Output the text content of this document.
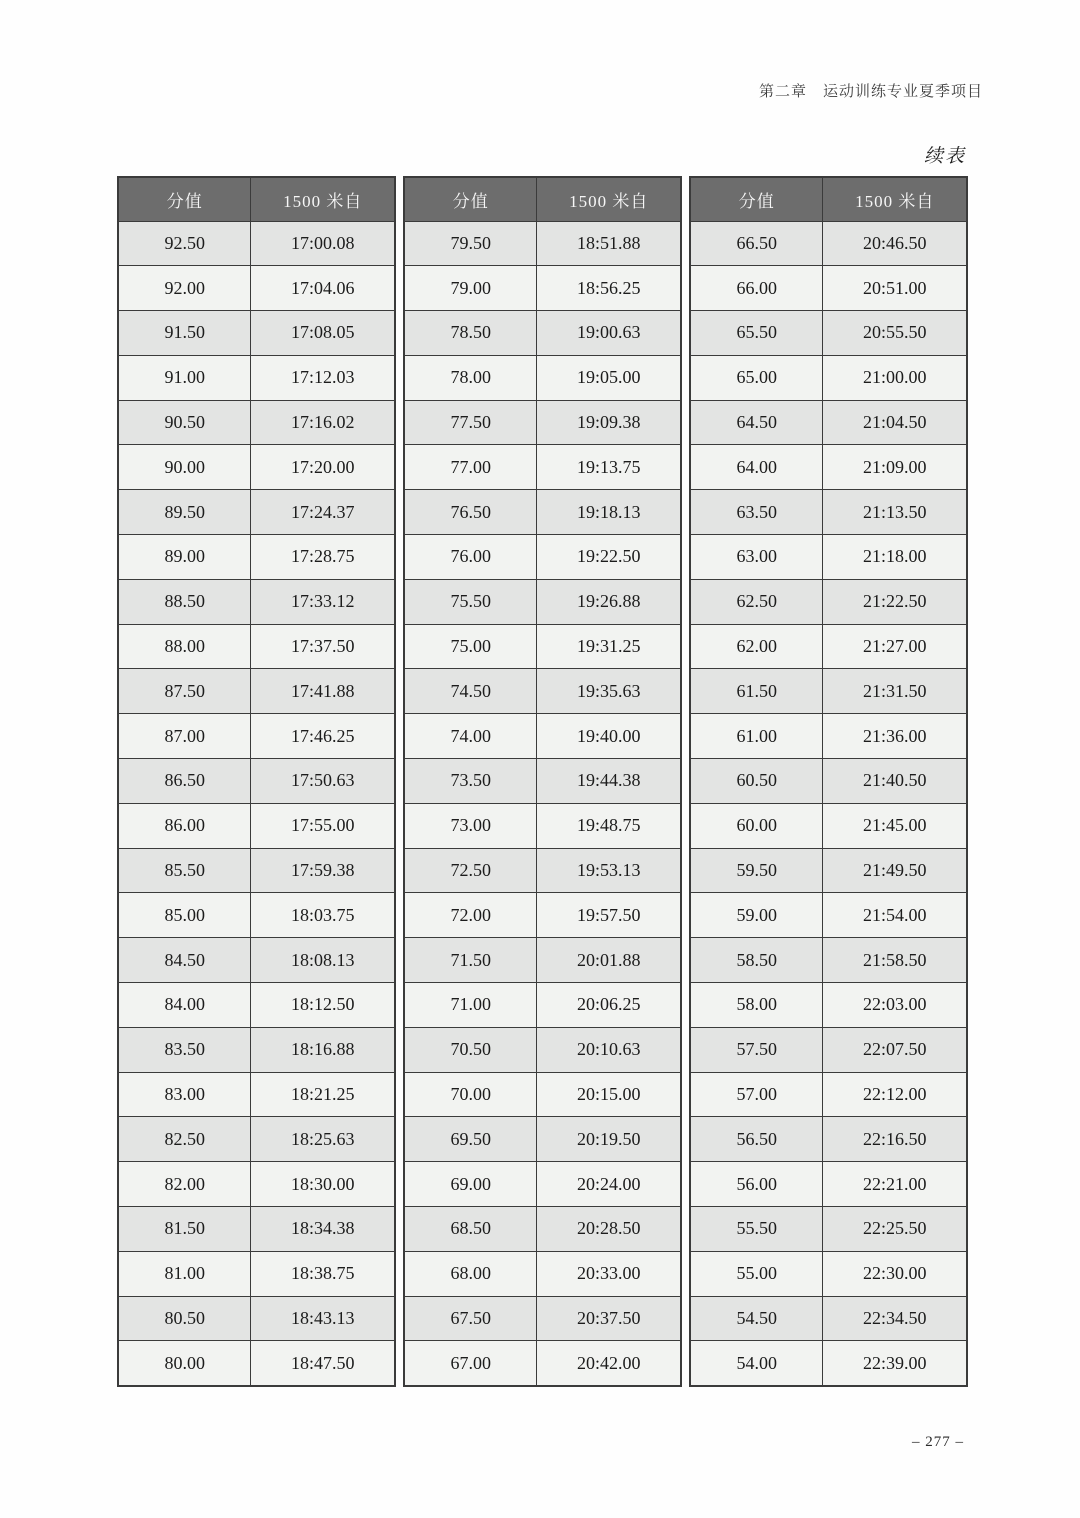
第二章　运动训练专业夏季项目
续表
分值	1500 米自
92.50	17:00.08
92.00	17:04.06
91.50	17:08.05
91.00	17:12.03
90.50	17:16.02
90.00	17:20.00
89.50	17:24.37
89.00	17:28.75
88.50	17:33.12
88.00	17:37.50
87.50	17:41.88
87.00	17:46.25
86.50	17:50.63
86.00	17:55.00
85.50	17:59.38
85.00	18:03.75
84.50	18:08.13
84.00	18:12.50
83.50	18:16.88
83.00	18:21.25
82.50	18:25.63
82.00	18:30.00
81.50	18:34.38
81.00	18:38.75
80.50	18:43.13
80.00	18:47.50
分值	1500 米自
79.50	18:51.88
79.00	18:56.25
78.50	19:00.63
78.00	19:05.00
77.50	19:09.38
77.00	19:13.75
76.50	19:18.13
76.00	19:22.50
75.50	19:26.88
75.00	19:31.25
74.50	19:35.63
74.00	19:40.00
73.50	19:44.38
73.00	19:48.75
72.50	19:53.13
72.00	19:57.50
71.50	20:01.88
71.00	20:06.25
70.50	20:10.63
70.00	20:15.00
69.50	20:19.50
69.00	20:24.00
68.50	20:28.50
68.00	20:33.00
67.50	20:37.50
67.00	20:42.00
分值	1500 米自
66.50	20:46.50
66.00	20:51.00
65.50	20:55.50
65.00	21:00.00
64.50	21:04.50
64.00	21:09.00
63.50	21:13.50
63.00	21:18.00
62.50	21:22.50
62.00	21:27.00
61.50	21:31.50
61.00	21:36.00
60.50	21:40.50
60.00	21:45.00
59.50	21:49.50
59.00	21:54.00
58.50	21:58.50
58.00	22:03.00
57.50	22:07.50
57.00	22:12.00
56.50	22:16.50
56.00	22:21.00
55.50	22:25.50
55.00	22:30.00
54.50	22:34.50
54.00	22:39.00
– 277 –
